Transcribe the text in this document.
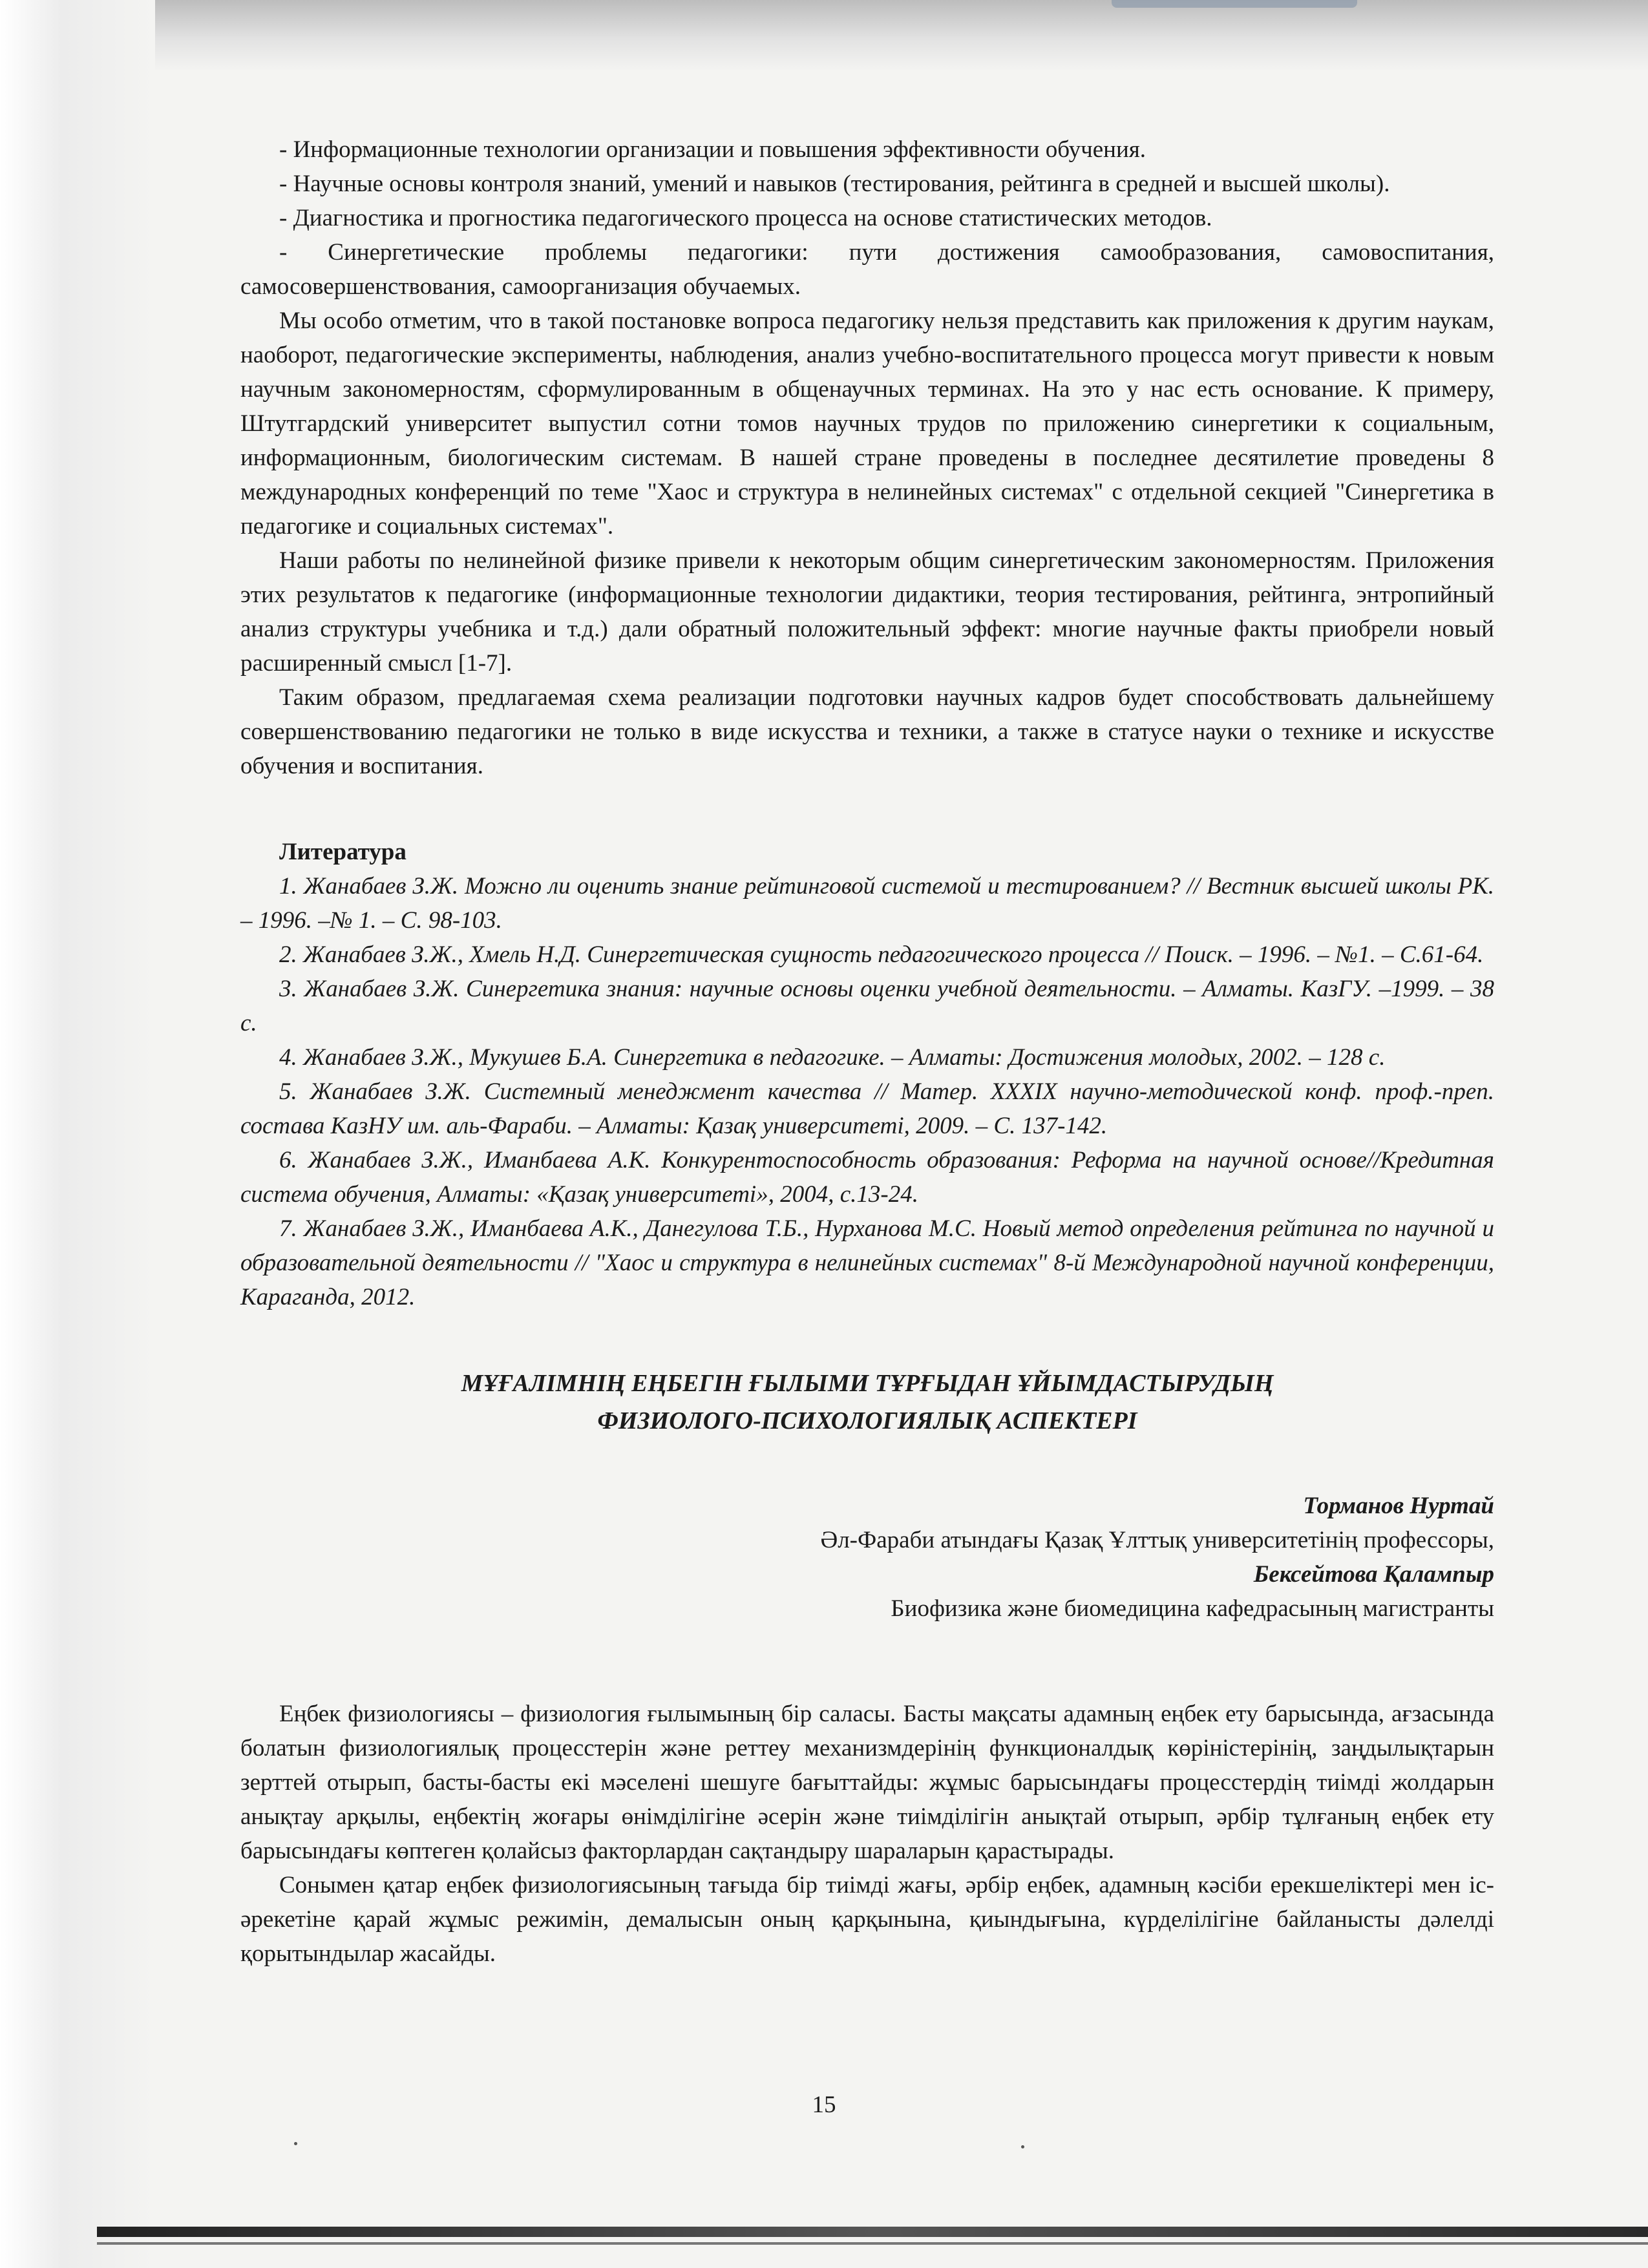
- Информационные технологии организации и повышения эффективности обучения.

- Научные основы контроля знаний, умений и навыков (тестирования, рейтинга в средней и высшей школы).

- Диагностика и прогностика педагогического процесса на основе статистических методов.

- Синергетические проблемы педагогики: пути достижения самообразования, самовоспитания, самосовершенствования, самоорганизация обучаемых.

Мы особо отметим, что в такой постановке вопроса педагогику нельзя представить как приложения к другим наукам, наоборот, педагогические эксперименты, наблюдения, анализ учебно-воспитательного процесса могут привести к новым научным закономерностям, сформулированным в общенаучных терминах. На это у нас есть основание. К примеру, Штутгардский университет выпустил сотни томов научных трудов по приложению синергетики к социальным, информационным, биологическим системам. В нашей стране проведены в последнее десятилетие проведены 8 международных конференций по теме "Хаос и структура в нелинейных системах" с отдельной секцией "Синергетика в педагогике и социальных системах".

Наши работы по нелинейной физике привели к некоторым общим синергетическим закономерностям. Приложения этих результатов к педагогике (информационные технологии дидактики, теория тестирования, рейтинга, энтропийный анализ структуры учебника и т.д.) дали обратный положительный эффект: многие научные факты приобрели новый расширенный смысл [1-7].

Таким образом, предлагаемая схема реализации подготовки научных кадров будет способствовать дальнейшему совершенствованию педагогики не только в виде искусства и техники, а также в статусе науки о технике и искусстве обучения и воспитания.

Литература

1. Жанабаев З.Ж. Можно ли оценить знание рейтинговой системой и тестированием? // Вестник высшей школы РК. – 1996. –№ 1. – С. 98-103.

2. Жанабаев З.Ж., Хмель Н.Д. Синергетическая сущность педагогического процесса // Поиск. – 1996. – №1. – С.61-64.

3. Жанабаев З.Ж. Синергетика знания: научные основы оценки учебной деятельности. – Алматы. КазГУ. –1999. – 38 с.

4. Жанабаев З.Ж., Мукушев Б.А. Синергетика в педагогике. – Алматы: Достижения молодых, 2002. – 128 с.

5. Жанабаев З.Ж. Системный менеджмент качества // Матер. XXXIX научно-методической конф. проф.-преп. состава КазНУ им. аль-Фараби. – Алматы: Қазақ университеті, 2009. – С. 137-142.

6. Жанабаев З.Ж., Иманбаева А.К. Конкурентоспособность образования: Реформа на научной основе//Кредитная система обучения, Алматы: «Қазақ университеті», 2004, с.13-24.

7. Жанабаев З.Ж., Иманбаева А.К., Данегулова Т.Б., Нурханова М.С. Новый метод определения рейтинга по научной и образовательной деятельности // "Хаос и структура в нелинейных системах" 8-й Международной научной конференции, Караганда, 2012.

МҰҒАЛІМНІҢ ЕҢБЕГІН ҒЫЛЫМИ ТҰРҒЫДАН ҰЙЫМДАСТЫРУДЫҢ
ФИЗИОЛОГО-ПСИХОЛОГИЯЛЫҚ АСПЕКТЕРІ
Торманов Нуртай
Әл-Фараби атындағы Қазақ Ұлттық университетінің профессоры,
Бексейтова Қалампыр
Биофизика және биомедицина кафедрасының магистранты

Еңбек физиологиясы – физиология ғылымының бір саласы. Басты мақсаты адамның еңбек ету барысында, ағзасында болатын физиологиялық процесстерін және реттеу механизмдерінің функционалдық көріністерінің, заңдылықтарын зерттей отырып, басты-басты екі мәселені шешуге бағыттайды: жұмыс барысындағы процесстердің тиімді жолдарын анықтау арқылы, еңбектің жоғары өнімділігіне әсерін және тиімділігін анықтай отырып, әрбір тұлғаның еңбек ету барысындағы көптеген қолайсыз факторлардан сақтандыру шараларын қарастырады.

Сонымен қатар еңбек физиологиясының тағыда бір тиімді жағы, әрбір еңбек, адамның кәсіби ерекшеліктері мен іс-әрекетіне қарай жұмыс режимін, демалысын оның қарқынына, қиындығына, күрделілігіне байланысты дәлелді қорытындылар жасайды.

15
